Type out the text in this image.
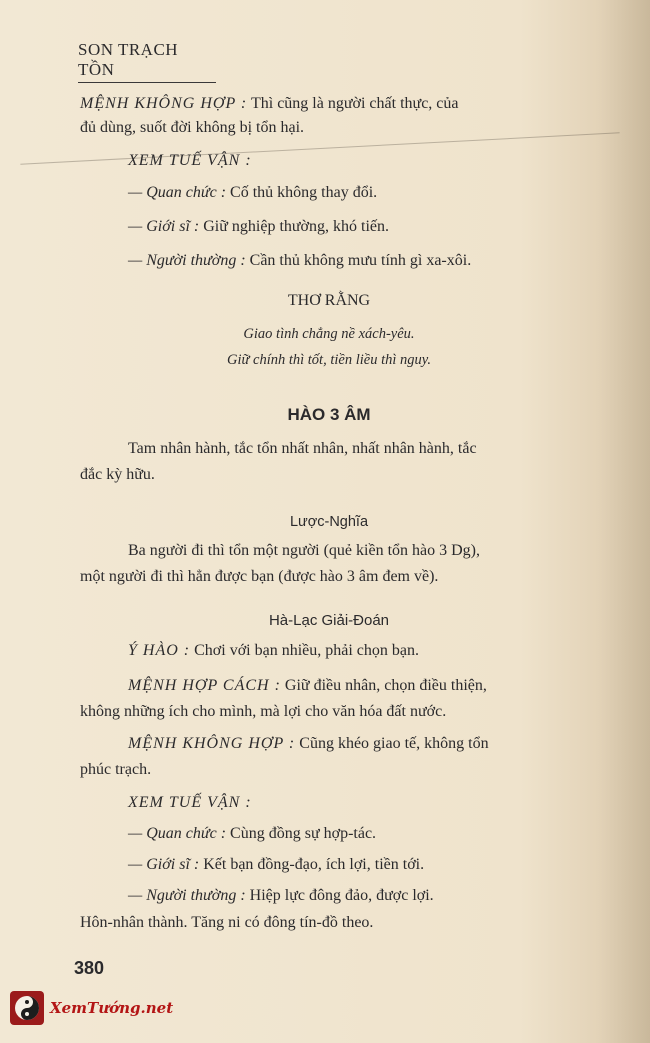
SON TRẠCH TỒN
MỆNH KHÔNG HỢP : Thì cũng là người chất thực, của
đủ dùng, suốt đời không bị tổn hại.
XEM TUẾ VẬN :
— Quan chức : Cố thủ không thay đổi.
— Giới sĩ : Giữ nghiệp thường, khó tiến.
— Người thường : Cần thủ không mưu tính gì xa-xôi.
THƠ RẰNG
Giao tình chẳng nề xách-yêu.
Giữ chính thì tốt, tiền liều thì nguy.
HÀO 3 ÂM
Tam nhân hành, tắc tổn nhất nhân, nhất nhân hành, tắc
đắc kỳ hữu.
Lược-Nghĩa
Ba người đi thì tổn một người (quẻ kiền tổn hào 3 Dg),
một người đi thì hẳn được bạn (được hào 3 âm đem về).
Hà-Lạc Giải-Đoán
Ý HÀO : Chơi với bạn nhiều, phải chọn bạn.
MỆNH HỢP CÁCH : Giữ điều nhân, chọn điều thiện,
không những ích cho mình, mà lợi cho văn hóa đất nước.
MỆNH KHÔNG HỢP : Cũng khéo giao tế, không tổn
phúc trạch.
XEM TUẾ VẬN :
— Quan chức : Cùng đồng sự hợp-tác.
— Giới sĩ : Kết bạn đồng-đạo, ích lợi, tiền tới.
— Người thường : Hiệp lực đông đảo, được lợi.
Hôn-nhân thành. Tăng ni có đông tín-đồ theo.
380
XemTướng.net
